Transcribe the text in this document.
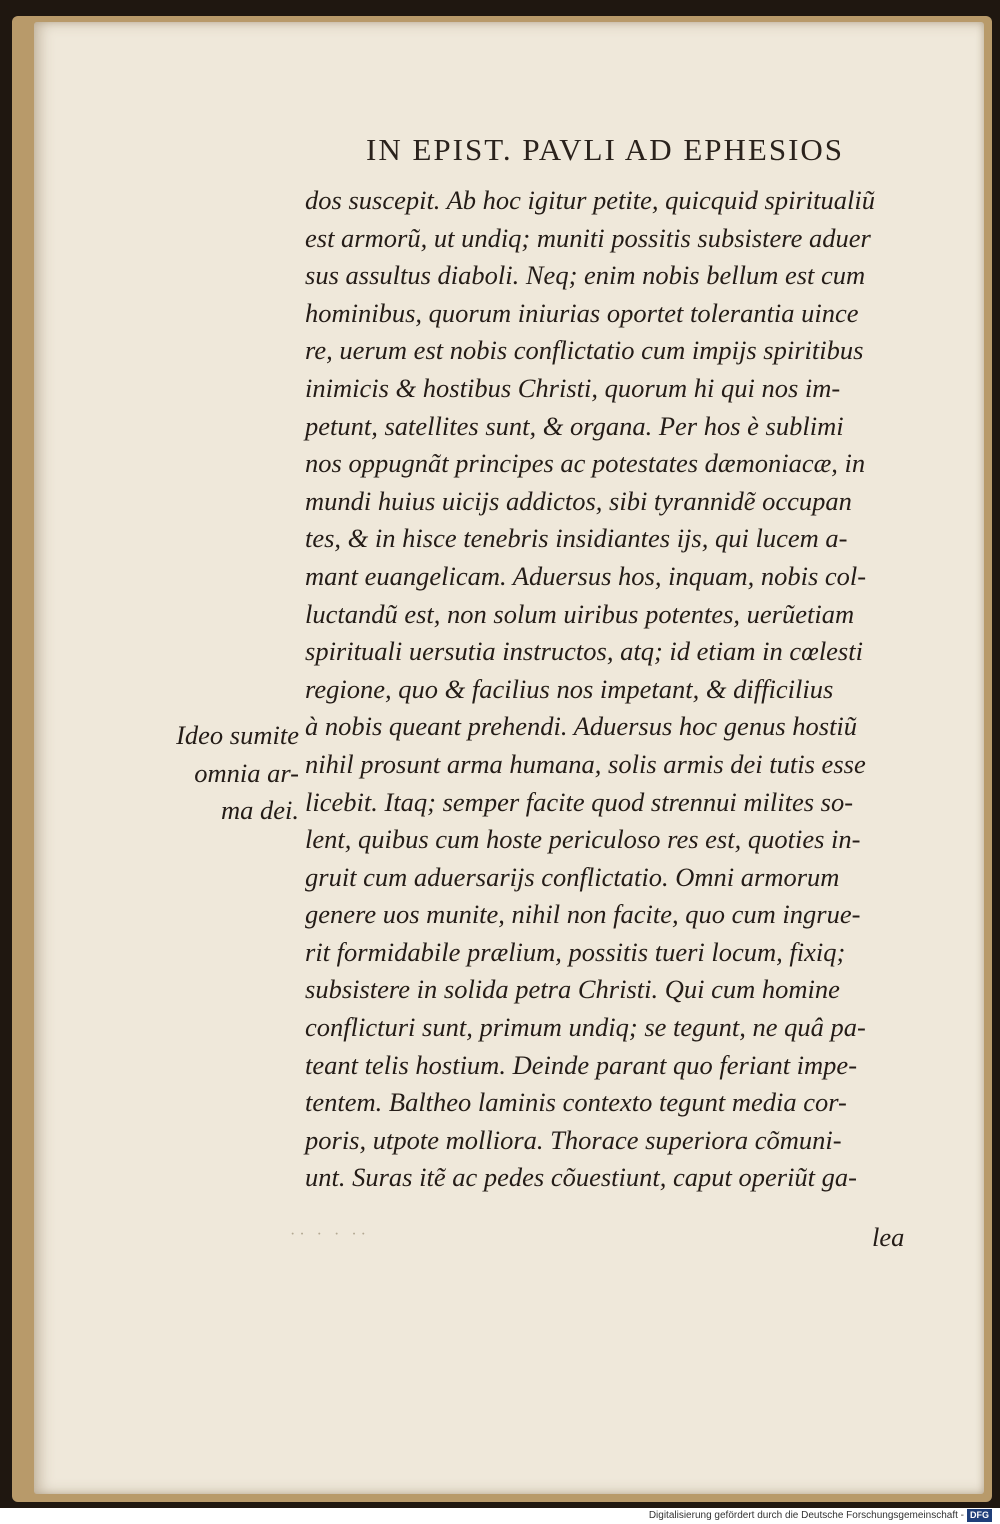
IN EPIST. PAVLI AD EPHESIOS
dos suscepit. Ab hoc igitur petite, quicquid spiritualiũ
est armorũ, ut undiq; muniti possitis subsistere aduer
sus assultus diaboli. Neq; enim nobis bellum est cum
hominibus, quorum iniurias oportet tolerantia uince
re, uerum est nobis conflictatio cum impijs spiritibus
inimicis & hostibus Christi, quorum hi qui nos im-
petunt, satellites sunt, & organa. Per hos è sublimi
nos oppugnãt principes ac potestates dæmoniacæ, in
mundi huius uicijs addictos, sibi tyrannidẽ occupan
tes, & in hisce tenebris insidiantes ijs, qui lucem a-
mant euangelicam. Aduersus hos, inquam, nobis col-
luctandũ est, non solum uiribus potentes, uerũetiam
spirituali uersutia instructos, atq; id etiam in cœlesti
regione, quo & facilius nos impetant, & difficilius
à nobis queant prehendi. Aduersus hoc genus hostiũ
nihil prosunt arma humana, solis armis dei tutis esse
licebit. Itaq; semper facite quod strennui milites so-
lent, quibus cum hoste periculoso res est, quoties in-
gruit cum aduersarijs conflictatio. Omni armorum
genere uos munite, nihil non facite, quo cum ingrue-
rit formidabile prælium, possitis tueri locum, fixiq;
subsistere in solida petra Christi. Qui cum homine
conflicturi sunt, primum undiq; se tegunt, ne quâ pa-
teant telis hostium. Deinde parant quo feriant impe-
tentem. Baltheo laminis contexto tegunt media cor-
poris, utpote molliora. Thorace superiora cõmuni-
unt. Suras itẽ ac pedes cõuestiunt, caput operiũt ga-
Ideo sumite
omnia ar-
ma dei.
·· · · ··	lea
Digitalisierung gefördert durch die Deutsche Forschungsgemeinschaft - DFG
